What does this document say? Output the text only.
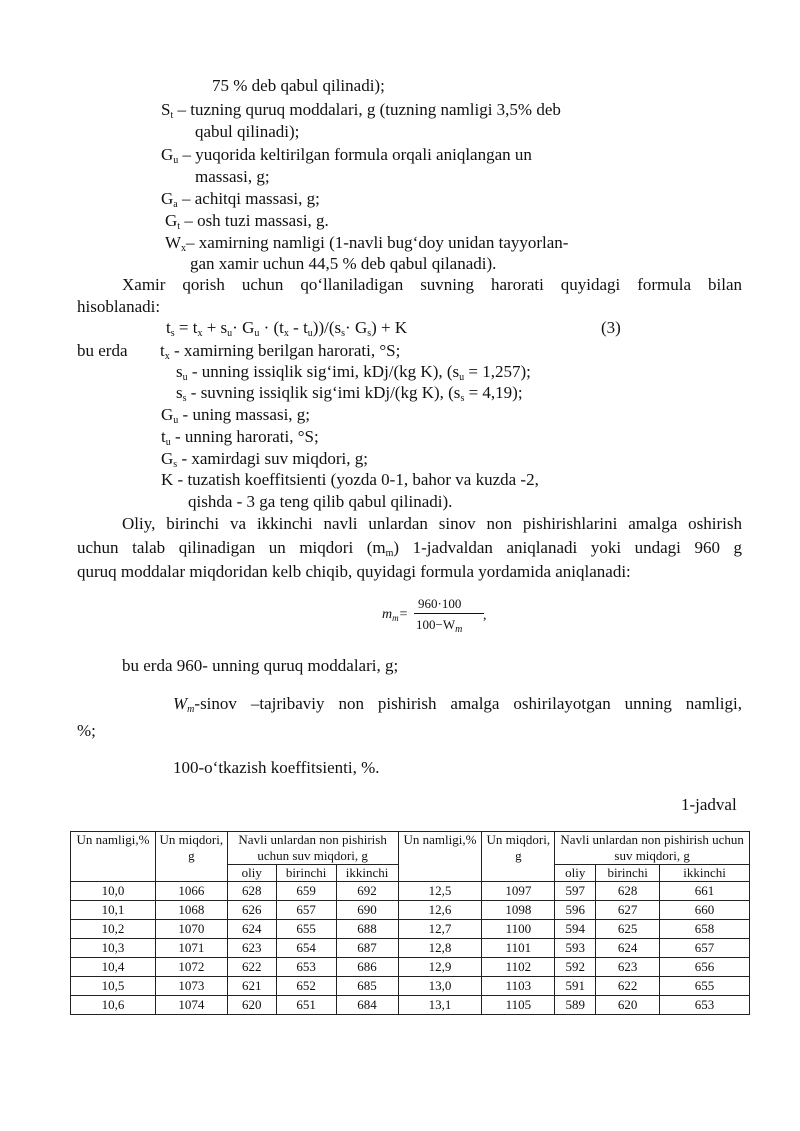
75 % deb qabul qilinadi);
$S_t$ – tuzning quruq moddalari, g (tuzning namligi 3,5% deb
qabul qilinadi);
$G_u$ – yuqorida keltirilgan formula orqali aniqlangan un
massasi, g;
$G_a$ – achitqi massasi, g;
$G_t$ – osh tuzi massasi, g.
$W_x-$ xamirning namligi (1-navli bug‘doy unidan tayyorlan-
gan xamir uchun 44,5 % deb qabul qilanadi).
Xamir qorish uchun qo‘llaniladigan suvning harorati quyidagi formula bilan
hisoblanadi:
$t_s = t_x + s_u\cdot G_u \cdot (t_x - t_u))/(s_s\cdot G_s) + K$	(3)
bu erda $t_x$ - xamirning berilgan harorati, °S;
$s_u$ - unning issiqlik sig‘imi, kDj/(kg K), $(s_u = 1,257)$;
$s_s$ - suvning issiqlik sig‘imi kDj/(kg K), $(s_s = 4,19)$;
$G_u$ - uning massasi, g;
$t_u$ - unning harorati, °S;
$G_s$ - xamirdagi suv miqdori, g;
K - tuzatish koeffitsienti (yozda 0-1, bahor va kuzda -2,
qishda - 3 ga teng qilib qabul qilinadi).
Oliy, birinchi va ikkinchi navli unlardan sinov non pishirishlarini amalga oshirish
uchun talab qilinadigan un miqdori $(m_m)$ 1-jadvaldan aniqlanadi yoki undagi 960 g
quruq moddalar miqdoridan kelb chiqib, quyidagi formula yordamida aniqlanadi:
$m_m=$
960·100
$100-W_m$
,
bu erda 960- unning quruq moddalari, g;
$W_m$-sinov –tajribaviy non pishirish amalga oshirilayotgan unning namligi,
%;
100-o‘tkazish koeffitsienti, %.
1-jadval
Un namligi,%	Un miqdori, g	Navli unlardan non pishirish uchun suv miqdori, g			Un namligi,%	Un miqdori, g	Navli unlardan non pishirish uchun suv miqdori, g		
		oliy	birinchi	ikkinchi			oliy	birinchi	ikkinchi
10,0	1066	628	659	692	12,5	1097	597	628	661
10,1	1068	626	657	690	12,6	1098	596	627	660
10,2	1070	624	655	688	12,7	1100	594	625	658
10,3	1071	623	654	687	12,8	1101	593	624	657
10,4	1072	622	653	686	12,9	1102	592	623	656
10,5	1073	621	652	685	13,0	1103	591	622	655
10,6	1074	620	651	684	13,1	1105	589	620	653
